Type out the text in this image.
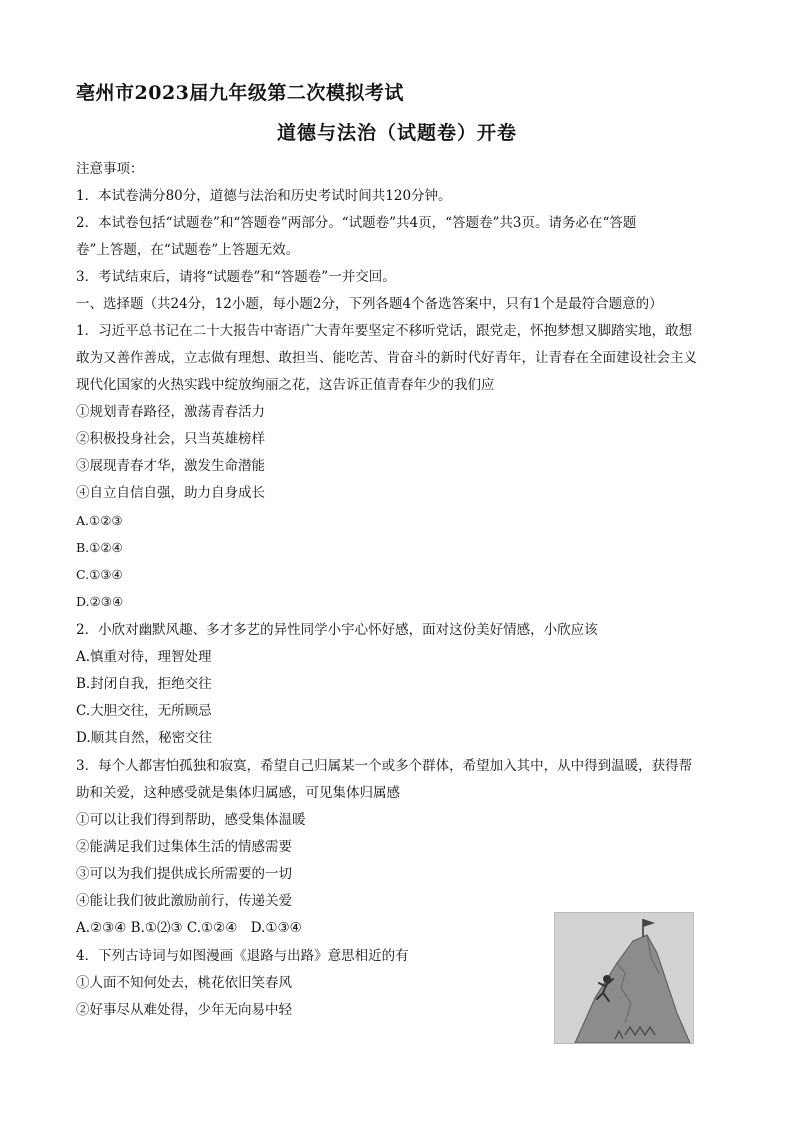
亳州市2023届九年级第二次模拟考试
道德与法治（试题卷）开卷
注意事项：
1．本试卷满分80分，道德与法治和历史考试时间共120分钟。
2．本试卷包括“试题卷”和“答题卷”两部分。“试题卷”共4页，“答题卷”共3页。请务必在“答题
卷”上答题，在“试题卷”上答题无效。
3．考试结束后，请将“试题卷”和“答题卷”一并交回。
一、选择题（共24分，12小题，每小题2分，下列各题4个备选答案中，只有1个是最符合题意的）
1．习近平总书记在二十大报告中寄语广大青年要坚定不移听党话，跟党走，怀抱梦想又脚踏实地，敢想
敢为又善作善成，立志做有理想、敢担当、能吃苦、肯奋斗的新时代好青年，让青春在全面建设社会主义
现代化国家的火热实践中绽放绚丽之花，这告诉正值青春年少的我们应
①规划青春路径，激荡青春活力
②积极投身社会，只当英雄榜样
③展现青春才华，激发生命潜能
④自立自信自强，助力自身成长
A.①②③
B.①②④
C.①③④
D.②③④
2．小欣对幽默风趣、多才多艺的异性同学小宇心怀好感，面对这份美好情感，小欣应该
A.慎重对待，理智处理
B.封闭自我，拒绝交往
C.大胆交往，无所顾忌
D.顺其自然，秘密交往
3．每个人都害怕孤独和寂寞，希望自己归属某一个或多个群体，希望加入其中，从中得到温暖，获得帮
助和关爱，这种感受就是集体归属感，可见集体归属感
①可以让我们得到帮助，感受集体温暖
②能满足我们过集体生活的情感需要
③可以为我们提供成长所需要的一切
④能让我们彼此激励前行，传递关爱
A.②③④ B.①⑵③ C.①②④　D.①③④
4．下列古诗词与如图漫画《退路与出路》意思相近的有
①人面不知何处去，桃花依旧笑春风
②好事尽从难处得，少年无向易中轻
